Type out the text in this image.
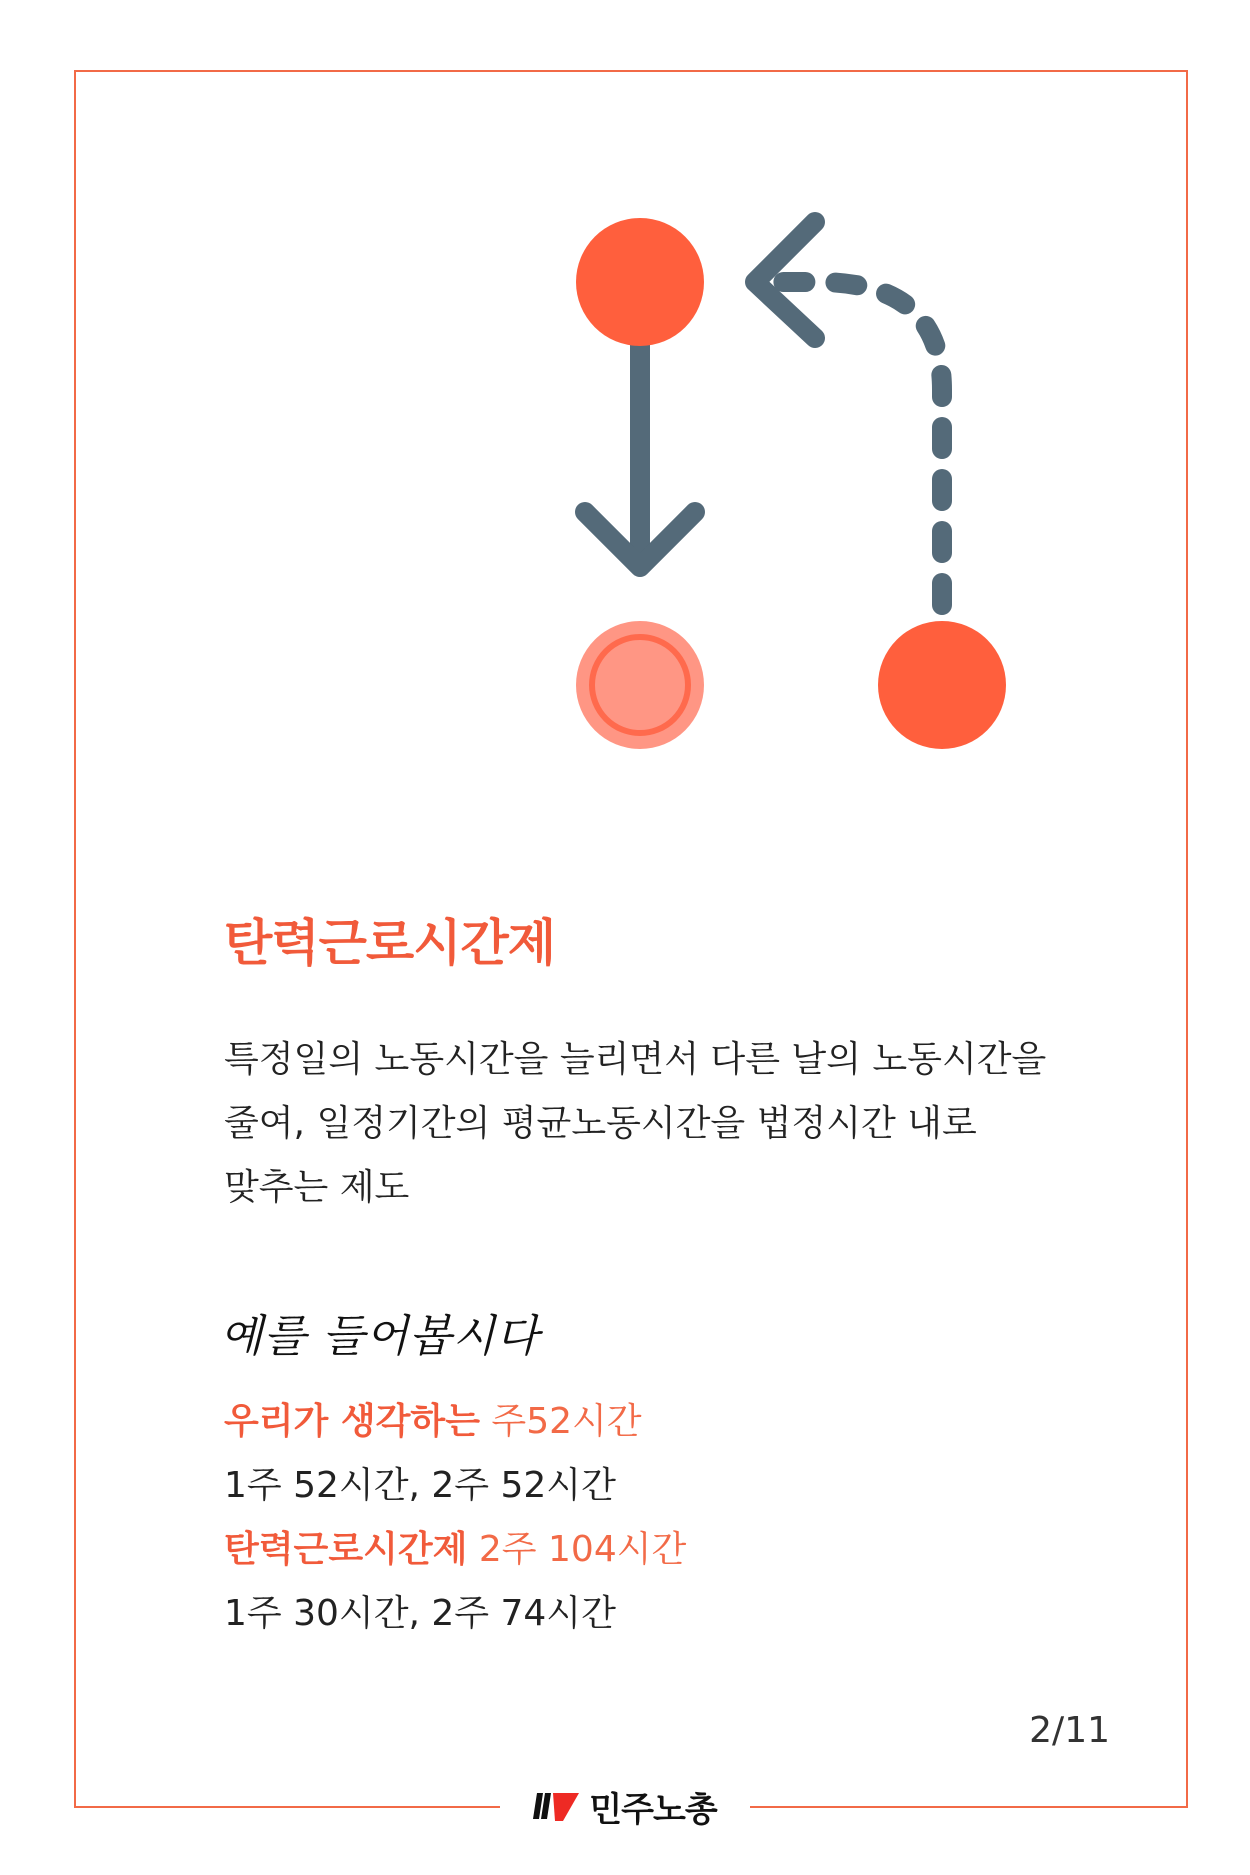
탄력근로시간제
특정일의 노동시간을 늘리면서 다른 날의 노동시간을
줄여, 일정기간의 평균노동시간을 법정시간 내로
맞추는 제도
예를 들어봅시다
우리가 생각하는 주52시간
1주 52시간, 2주 52시간
탄력근로시간제 2주 104시간
1주 30시간, 2주 74시간
2/11
민주노총
